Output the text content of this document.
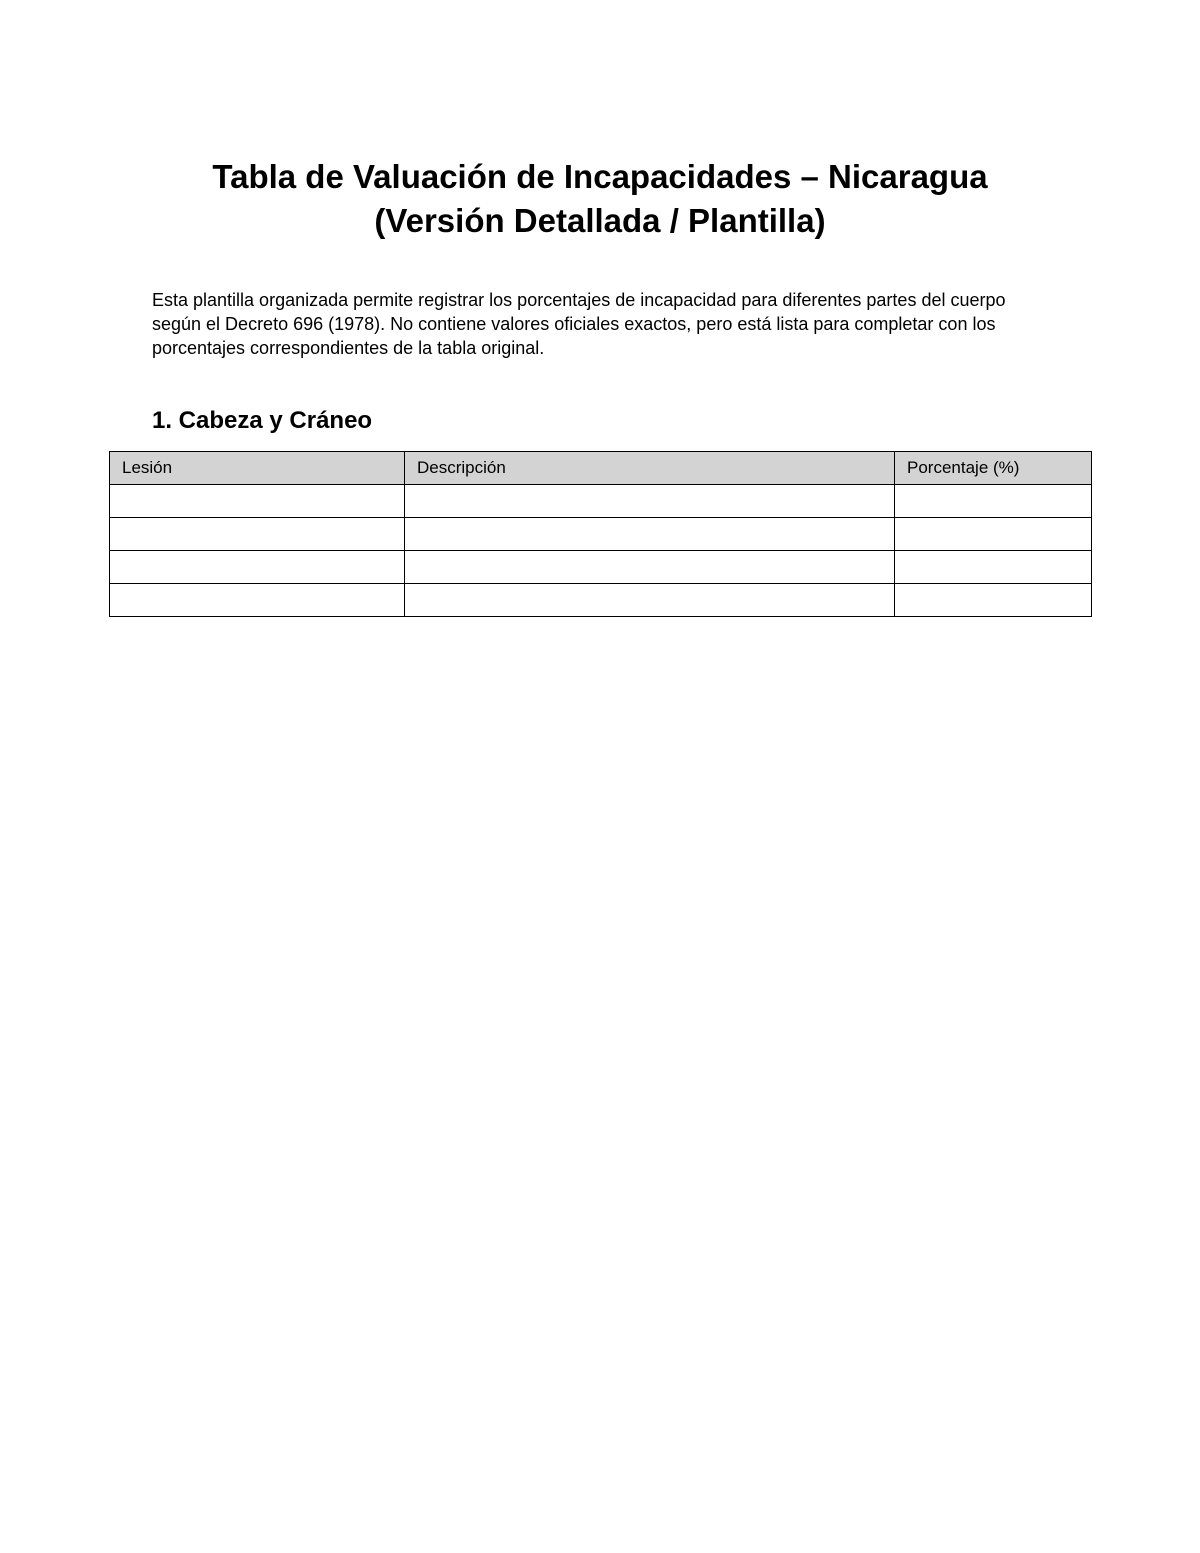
Tabla de Valuación de Incapacidades – Nicaragua
(Versión Detallada / Plantilla)

Esta plantilla organizada permite registrar los porcentajes de incapacidad para diferentes partes del cuerpo según el Decreto 696 (1978). No contiene valores oficiales exactos, pero está lista para completar con los porcentajes correspondientes de la tabla original.

1. Cabeza y Cráneo
Lesión	Descripción	Porcentaje (%)
